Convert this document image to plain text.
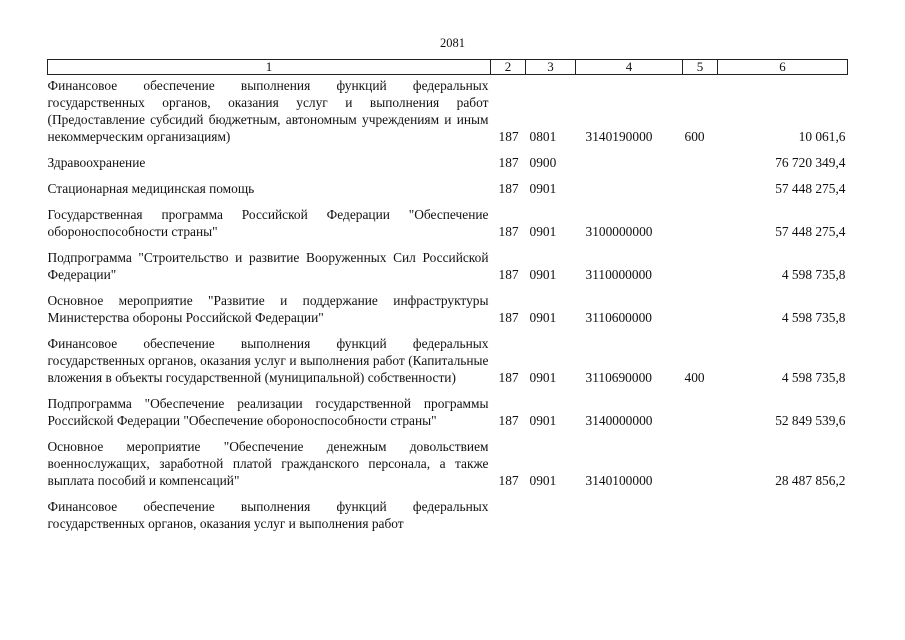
2081
1	2	3	4	5	6
Финансовое обеспечение выполнения функций федеральных государственных органов, оказания услуг и выполнения работ (Предоставление субсидий бюджетным, автономным учреждениям и иным некоммерческим организациям)	187	0801	3140190000	600	10 061,6

Здравоохранение	187	0900			76 720 349,4

Стационарная медицинская помощь	187	0901			57 448 275,4

Государственная программа Российской Федерации "Обеспечение обороноспособности страны"	187	0901	3100000000		57 448 275,4

Подпрограмма "Строительство и развитие Вооруженных Сил Российской Федерации"	187	0901	3110000000		4 598 735,8

Основное мероприятие "Развитие и поддержание инфраструктуры Министерства обороны Российской Федерации"	187	0901	3110600000		4 598 735,8

Финансовое обеспечение выполнения функций федеральных государственных органов, оказания услуг и выполнения работ (Капитальные вложения в объекты государственной (муниципальной) собственности)	187	0901	3110690000	400	4 598 735,8

Подпрограмма "Обеспечение реализации государственной программы Российской Федерации "Обеспечение обороноспособности страны"	187	0901	3140000000		52 849 539,6

Основное мероприятие "Обеспечение денежным довольствием военнослужащих, заработной платой гражданского персонала, а также выплата пособий и компенсаций"	187	0901	3140100000		28 487 856,2

Финансовое обеспечение выполнения функций федеральных государственных органов, оказания услуг и выполнения работ					
